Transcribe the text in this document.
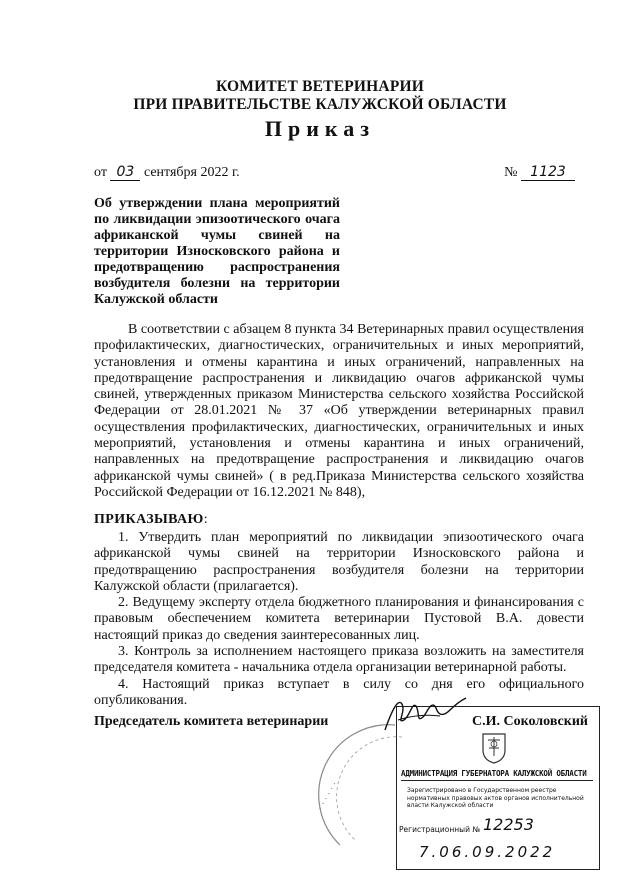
КОМИТЕТ ВЕТЕРИНАРИИ
ПРИ ПРАВИТЕЛЬСТВЕ КАЛУЖСКОЙ ОБЛАСТИ
Приказ
от 03 сентября 2022 г.	№ 1123
Об утверждении плана мероприятий по ликвидации эпизоотического очага африканской чумы свиней на территории Износковского района и предотвращению распространения возбудителя болезни на территории Калужской области
В соответствии с абзацем 8 пункта 34 Ветеринарных правил осуществления профилактических, диагностических, ограничительных и иных мероприятий, установления и отмены карантина и иных ограничений, направленных на предотвращение распространения и ликвидацию очагов африканской чумы свиней, утвержденных приказом Министерства сельского хозяйства Российской Федерации от 28.01.2021 № 37 «Об утверждении ветеринарных правил осуществления профилактических, диагностических, ограничительных и иных мероприятий, установления и отмены карантина и иных ограничений, направленных на предотвращение распространения и ликвидацию очагов африканской чумы свиней» ( в ред.Приказа Министерства сельского хозяйства Российской Федерации от 16.12.2021 № 848),
ПРИКАЗЫВАЮ:

1. Утвердить план мероприятий по ликвидации эпизоотического очага африканской чумы свиней на территории Износковского района и предотвращению распространения возбудителя болезни на территории Калужской области (прилагается).

2. Ведущему эксперту отдела бюджетного планирования и финансирования с правовым обеспечением комитета ветеринарии Пустовой В.А. довести настоящий приказ до сведения заинтересованных лиц.

3. Контроль за исполнением настоящего приказа возложить на заместителя председателя комитета - начальника отдела организации ветеринарной работы.

4. Настоящий приказ вступает в силу со дня его официального опубликования.

Председатель комитета ветеринарии
. . . . . .
АДМИНИСТРАЦИЯ ГУБЕРНАТОРА КАЛУЖСКОЙ ОБЛАСТИ
Зарегистрировано в Государственном реестре нормативных правовых актов органов исполнительной власти Калужской области
Регистрационный № 12253
7.06.09.2022
С.И. Соколовский
